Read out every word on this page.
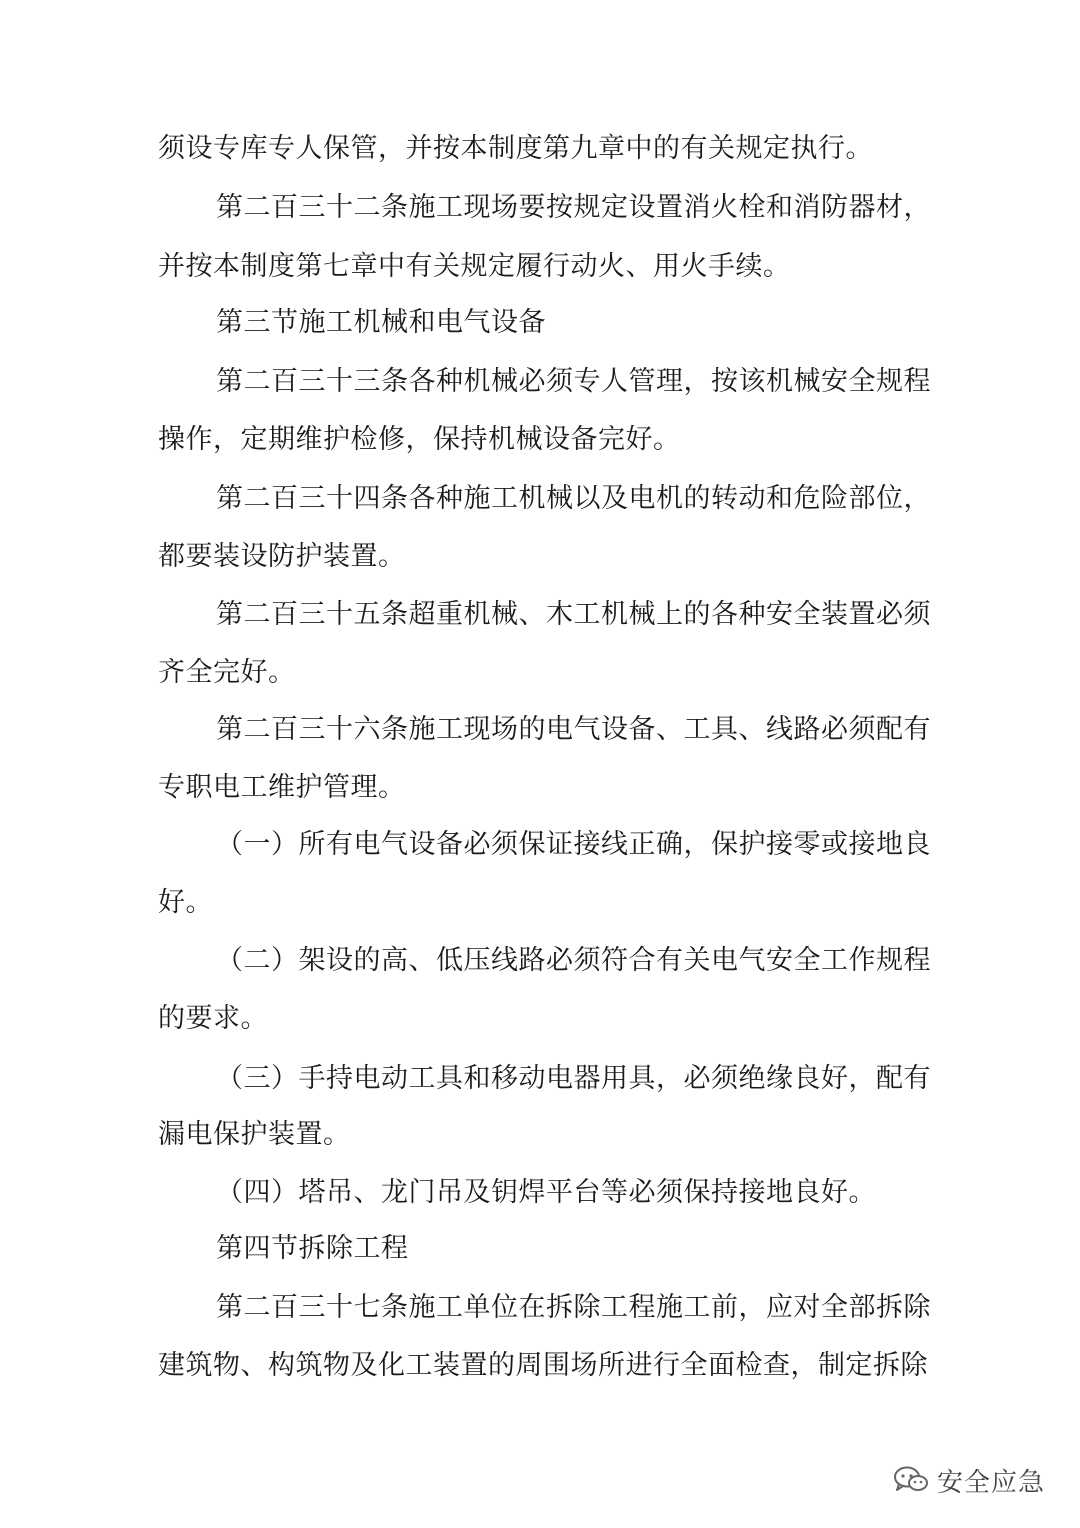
须设专库专人保管，并按本制度第九章中的有关规定执行。
第二百三十二条施工现场要按规定设置消火栓和消防器材，
并按本制度第七章中有关规定履行动火、用火手续。
第三节施工机械和电气设备
第二百三十三条各种机械必须专人管理，按该机械安全规程
操作，定期维护检修，保持机械设备完好。
第二百三十四条各种施工机械以及电机的转动和危险部位，
都要装设防护装置。
第二百三十五条超重机械、木工机械上的各种安全装置必须
齐全完好。
第二百三十六条施工现场的电气设备、工具、线路必须配有
专职电工维护管理。
（一）所有电气设备必须保证接线正确，保护接零或接地良
好。
（二）架设的高、低压线路必须符合有关电气安全工作规程
的要求。
（三）手持电动工具和移动电器用具，必须绝缘良好，配有
漏电保护装置。
（四）塔吊、龙门吊及钥焊平台等必须保持接地良好。
第四节拆除工程
第二百三十七条施工单位在拆除工程施工前，应对全部拆除
建筑物、构筑物及化工装置的周围场所进行全面检查，制定拆除
安全应急
